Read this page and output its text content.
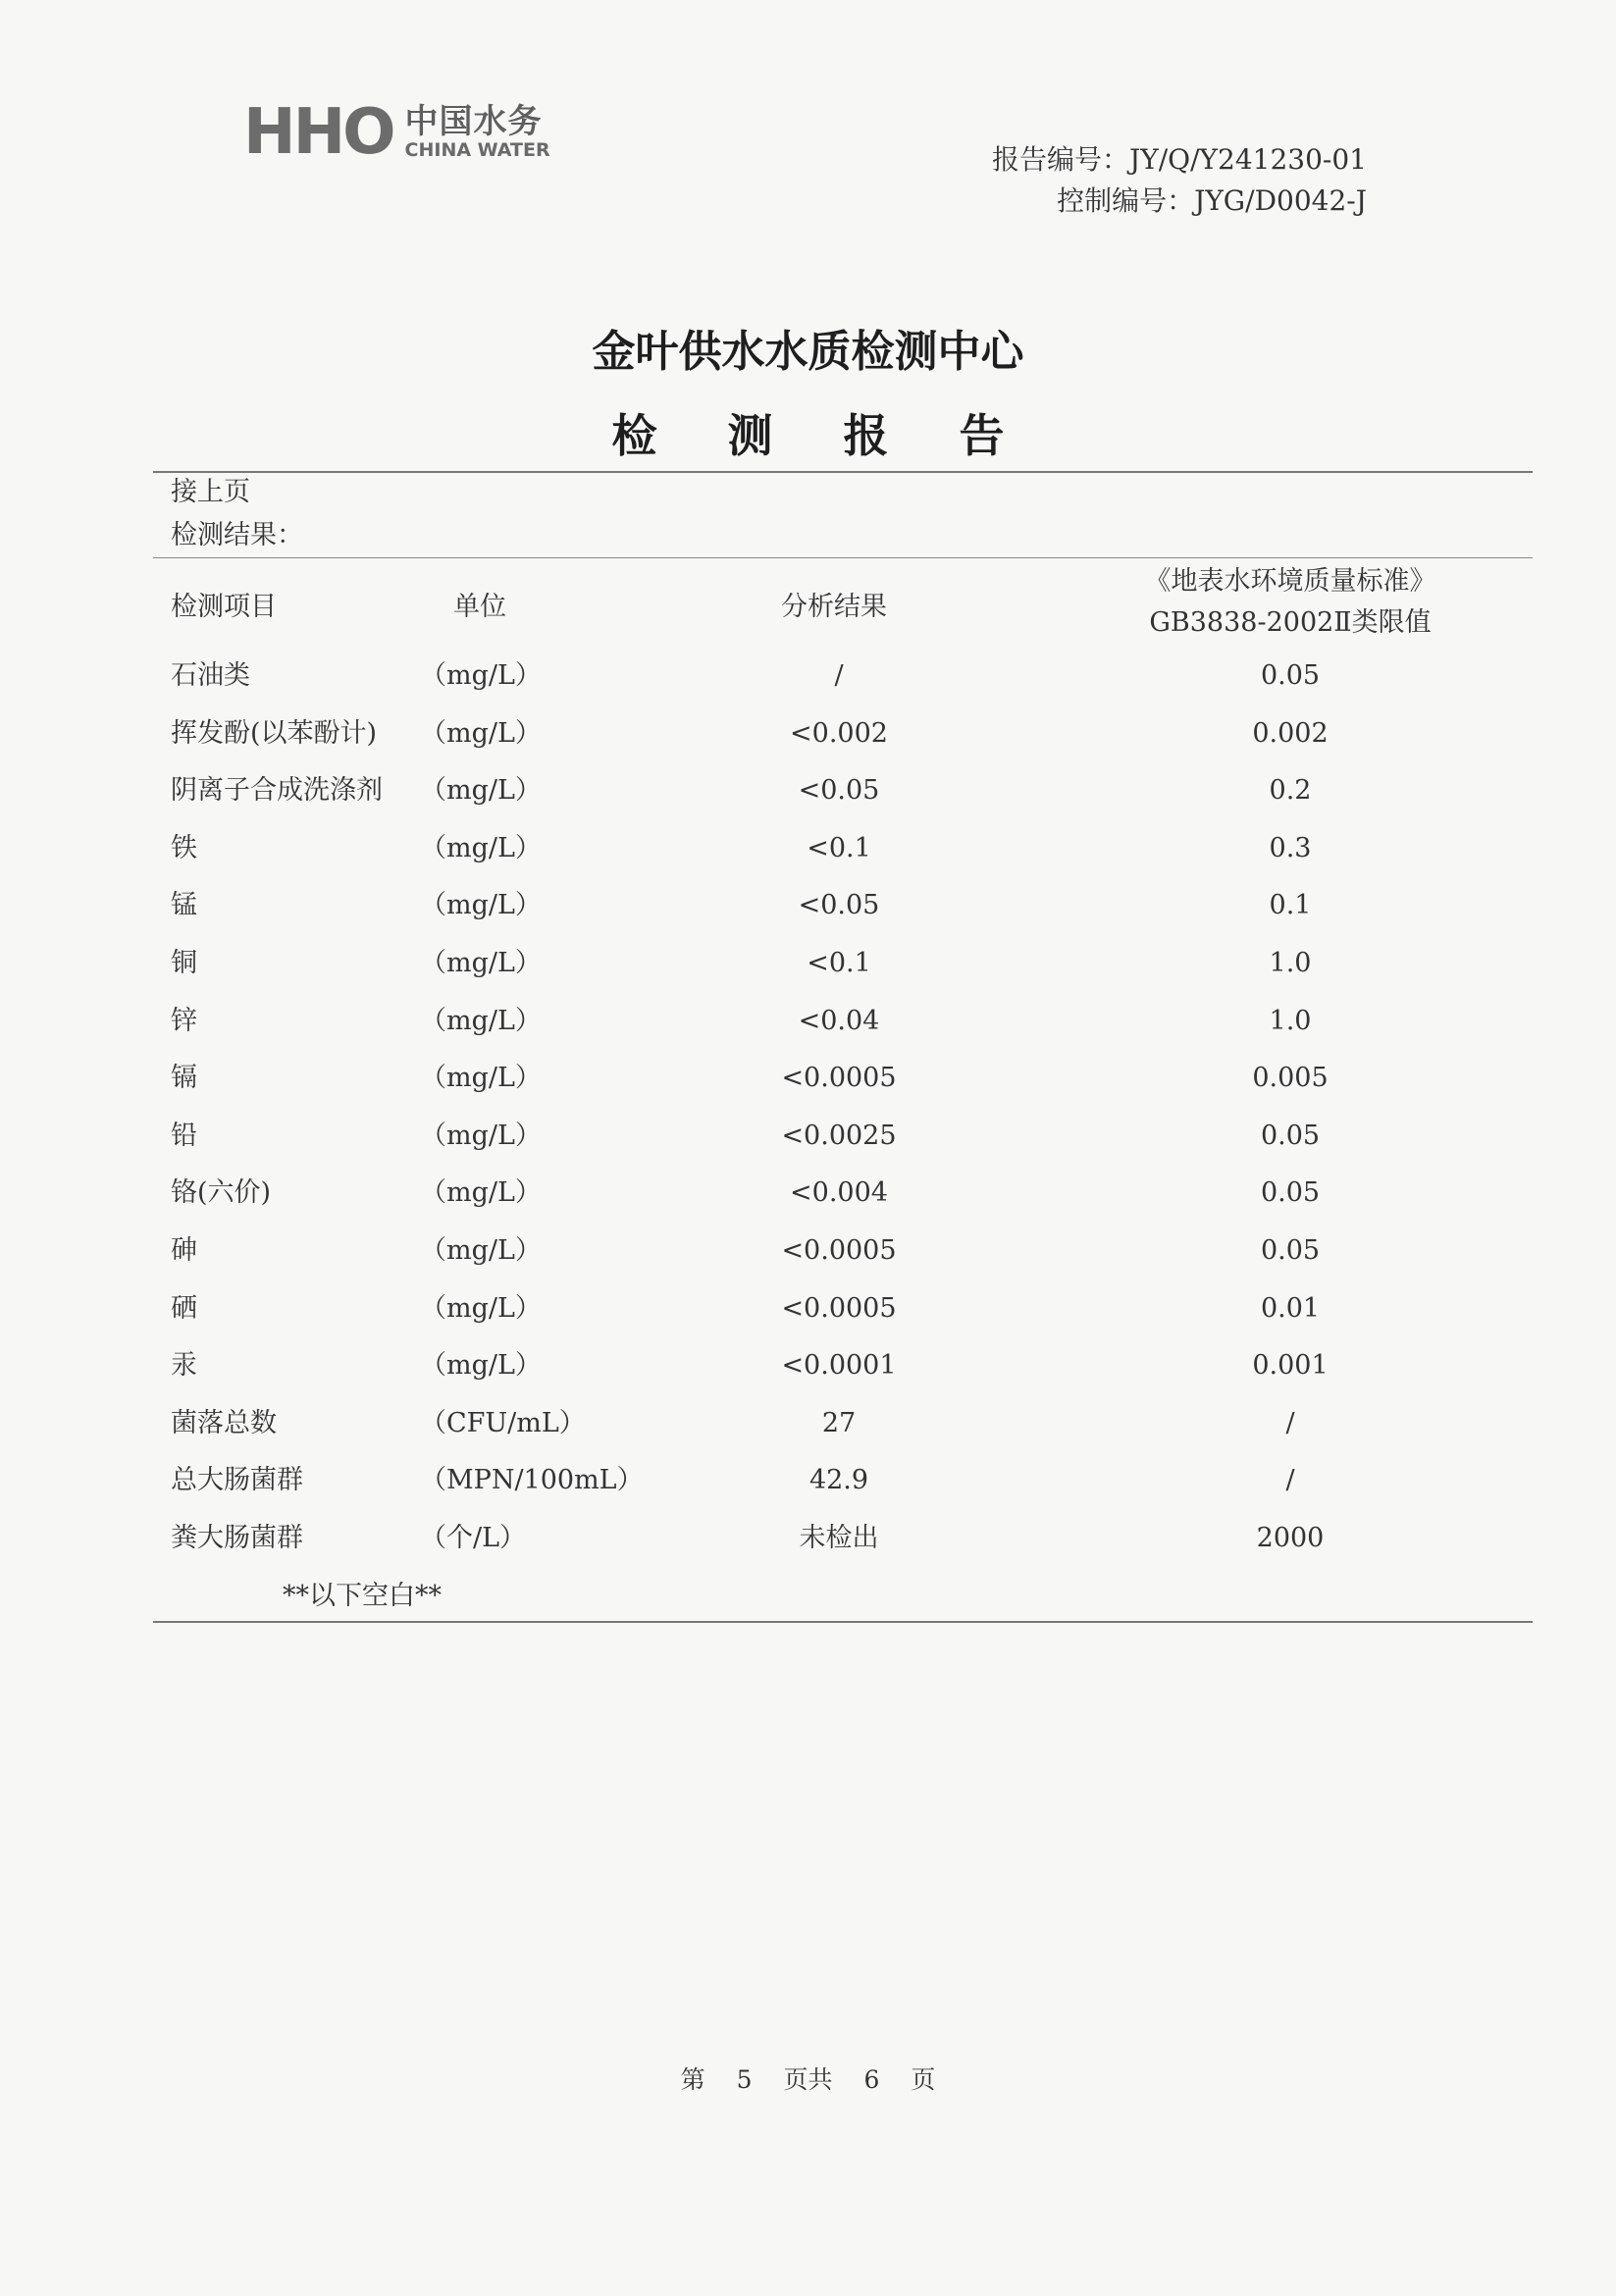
HHO 中国水务
CHINA WATER	报告编号：JY/Q/Y241230-01
控制编号：JYG/D0042-J
金叶供水水质检测中心
检 测 报 告
接上页
检测结果：
检测项目	单位	分析结果
《地表水环境质量标准》
GB3838-2002Ⅱ类限值
石油类	（mg/L）	/	0.05
挥发酚(以苯酚计) （mg/L）	<0.002	0.002
阴离子合成洗涤剂 （mg/L）	<0.05	0.2
铁	（mg/L）	<0.1	0.3
锰	（mg/L）	<0.05	0.1
铜	（mg/L）	<0.1	1.0
锌	（mg/L）	<0.04	1.0
镉	（mg/L）	<0.0005	0.005
铅	（mg/L）	<0.0025	0.05
铬(六价)	（mg/L）	<0.004	0.05
砷	（mg/L）	<0.0005	0.05
硒	（mg/L）	<0.0005	0.01
汞	（mg/L）	<0.0001	0.001
菌落总数	（CFU/mL）	27	/
总大肠菌群	（MPN/100mL）	42.9	/
粪大肠菌群	（个/L）	未检出	2000
**以下空白**
第 5 页共 6 页
